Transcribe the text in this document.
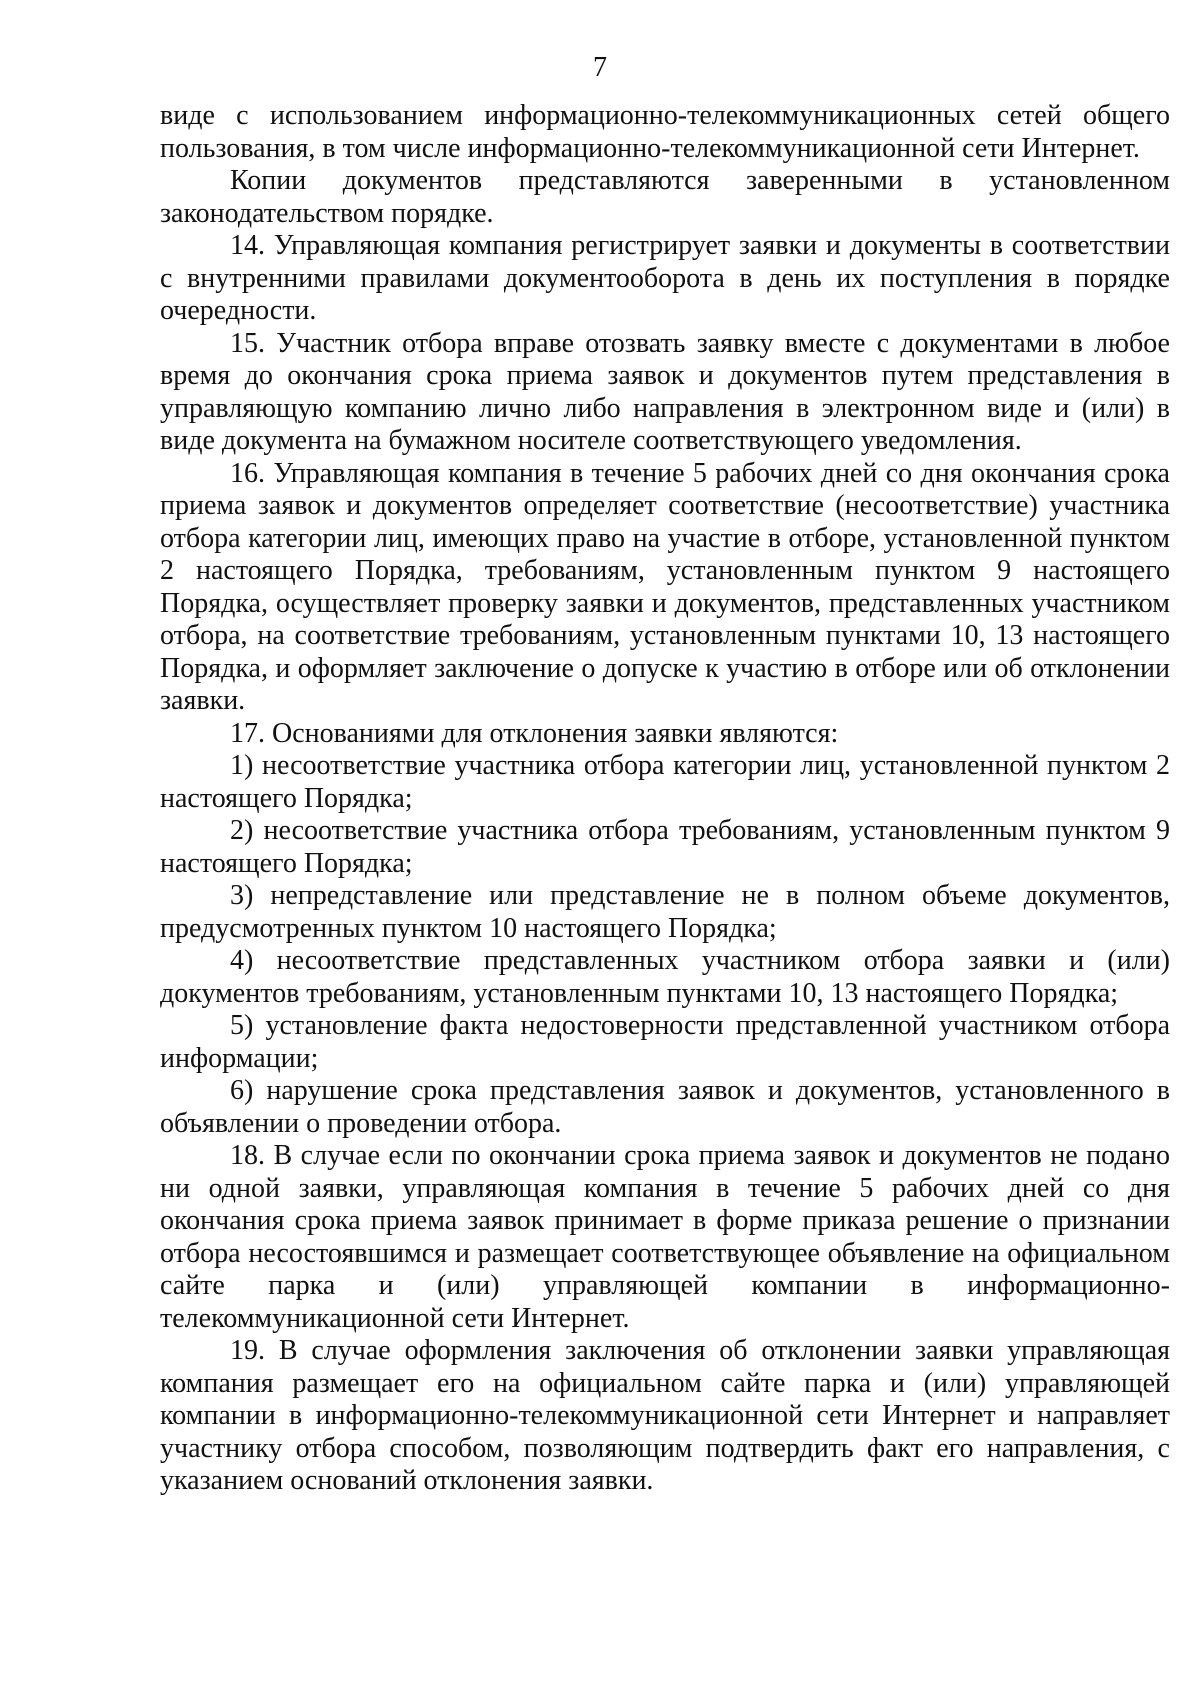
7

виде с использованием информационно-телекоммуникационных сетей общего пользования, в том числе информационно-телекоммуникационной сети Интернет.

Копии документов представляются заверенными в установленном законодательством порядке.

14. Управляющая компания регистрирует заявки и документы в соответствии с внутренними правилами документооборота в день их поступления в порядке очередности.

15. Участник отбора вправе отозвать заявку вместе с документами в любое время до окончания срока приема заявок и документов путем представления в управляющую компанию лично либо направления в электронном виде и (или) в виде документа на бумажном носителе соответствующего уведомления.

16. Управляющая компания в течение 5 рабочих дней со дня окончания срока приема заявок и документов определяет соответствие (несоответствие) участника отбора категории лиц, имеющих право на участие в отборе, установленной пунктом 2 настоящего Порядка, требованиям, установленным пунктом 9 настоящего Порядка, осуществляет проверку заявки и документов, представленных участником отбора, на соответствие требованиям, установленным пунктами 10, 13 настоящего Порядка, и оформляет заключение о допуске к участию в отборе или об отклонении заявки.

17. Основаниями для отклонения заявки являются:

1) несоответствие участника отбора категории лиц, установленной пунктом 2 настоящего Порядка;

2) несоответствие участника отбора требованиям, установленным пунктом 9 настоящего Порядка;

3) непредставление или представление не в полном объеме документов, предусмотренных пунктом 10 настоящего Порядка;

4) несоответствие представленных участником отбора заявки и (или) документов требованиям, установленным пунктами 10, 13 настоящего Порядка;

5) установление факта недостоверности представленной участником отбора информации;

6) нарушение срока представления заявок и документов, установленного в объявлении о проведении отбора.

18. В случае если по окончании срока приема заявок и документов не подано ни одной заявки, управляющая компания в течение 5 рабочих дней со дня окончания срока приема заявок принимает в форме приказа решение о признании отбора несостоявшимся и размещает соответствующее объявление на официальном сайте парка и (или) управляющей компании в информационно-телекоммуникационной сети Интернет.

19. В случае оформления заключения об отклонении заявки управляющая компания размещает его на официальном сайте парка и (или) управляющей компании в информационно-телекоммуникационной сети Интернет и направляет участнику отбора способом, позволяющим подтвердить факт его направления, с указанием оснований отклонения заявки.
